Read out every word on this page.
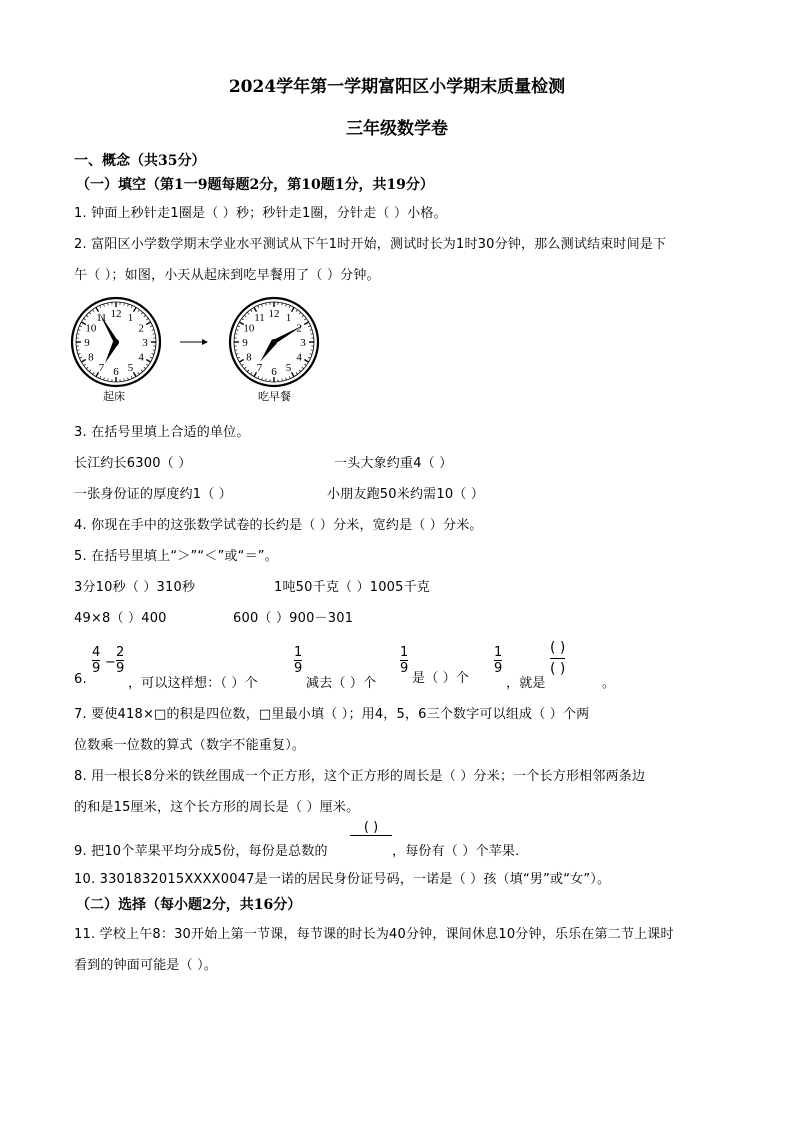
2024学年第一学期富阳区小学期末质量检测
三年级数学卷
一、概念（共35分）
（一）填空（第1一9题每题2分，第10题1分，共19分）
1. 钟面上秒针走1圈是（ ）秒；秒针走1圈，分针走（ ）小格。
2. 富阳区小学数学期末学业水平测试从下午1时开始，测试时长为1时30分钟，那么测试结束时间是下
午（ ）；如图，小天从起床到吃早餐用了（ ）分钟。
12 1
2
3
4
5
6
7
8
9
10
11	12 1
2
3
4
5
6
7
8
9
10
11
起床	吃早餐
3. 在括号里填上合适的单位。
长江约长6300（ ）	一头大象约重4（ ）
一张身份证的厚度约1（ ）	小朋友跑50米约需10（ ）
4. 你现在手中的这张数学试卷的长约是（ ）分米，宽约是（ ）分米。
5. 在括号里填上“＞”“＜”或“＝”。
3分10秒（ ）310秒	1吨50千克（ ）1005千克
49×8（ ）400	600（ ）900－301
6.
4
9 −
2
9
，可以这样想：（ ）个
1
9
减去（ ）个
1
9
是（ ）个
1
9
，就是
( )
( )
。
7. 要使418×□的积是四位数，□里最小填（ ）；用4，5，6三个数字可以组成（ ）个两
位数乘一位数的算式（数字不能重复）。
8. 用一根长8分米的铁丝围成一个正方形，这个正方形的周长是（ ）分米；一个长方形相邻两条边
的和是15厘米，这个长方形的周长是（ ）厘米。
9. 把10个苹果平均分成5份，每份是总数的
( )
，每份有（ ）个苹果.
10. 3301832015XXXX0047是一诺的居民身份证号码，一诺是（ ）孩（填“男”或“女”）。
（二）选择（每小题2分，共16分）
11. 学校上午8：30开始上第一节课，每节课的时长为40分钟，课间休息10分钟，乐乐在第二节上课时
看到的钟面可能是（ ）。
